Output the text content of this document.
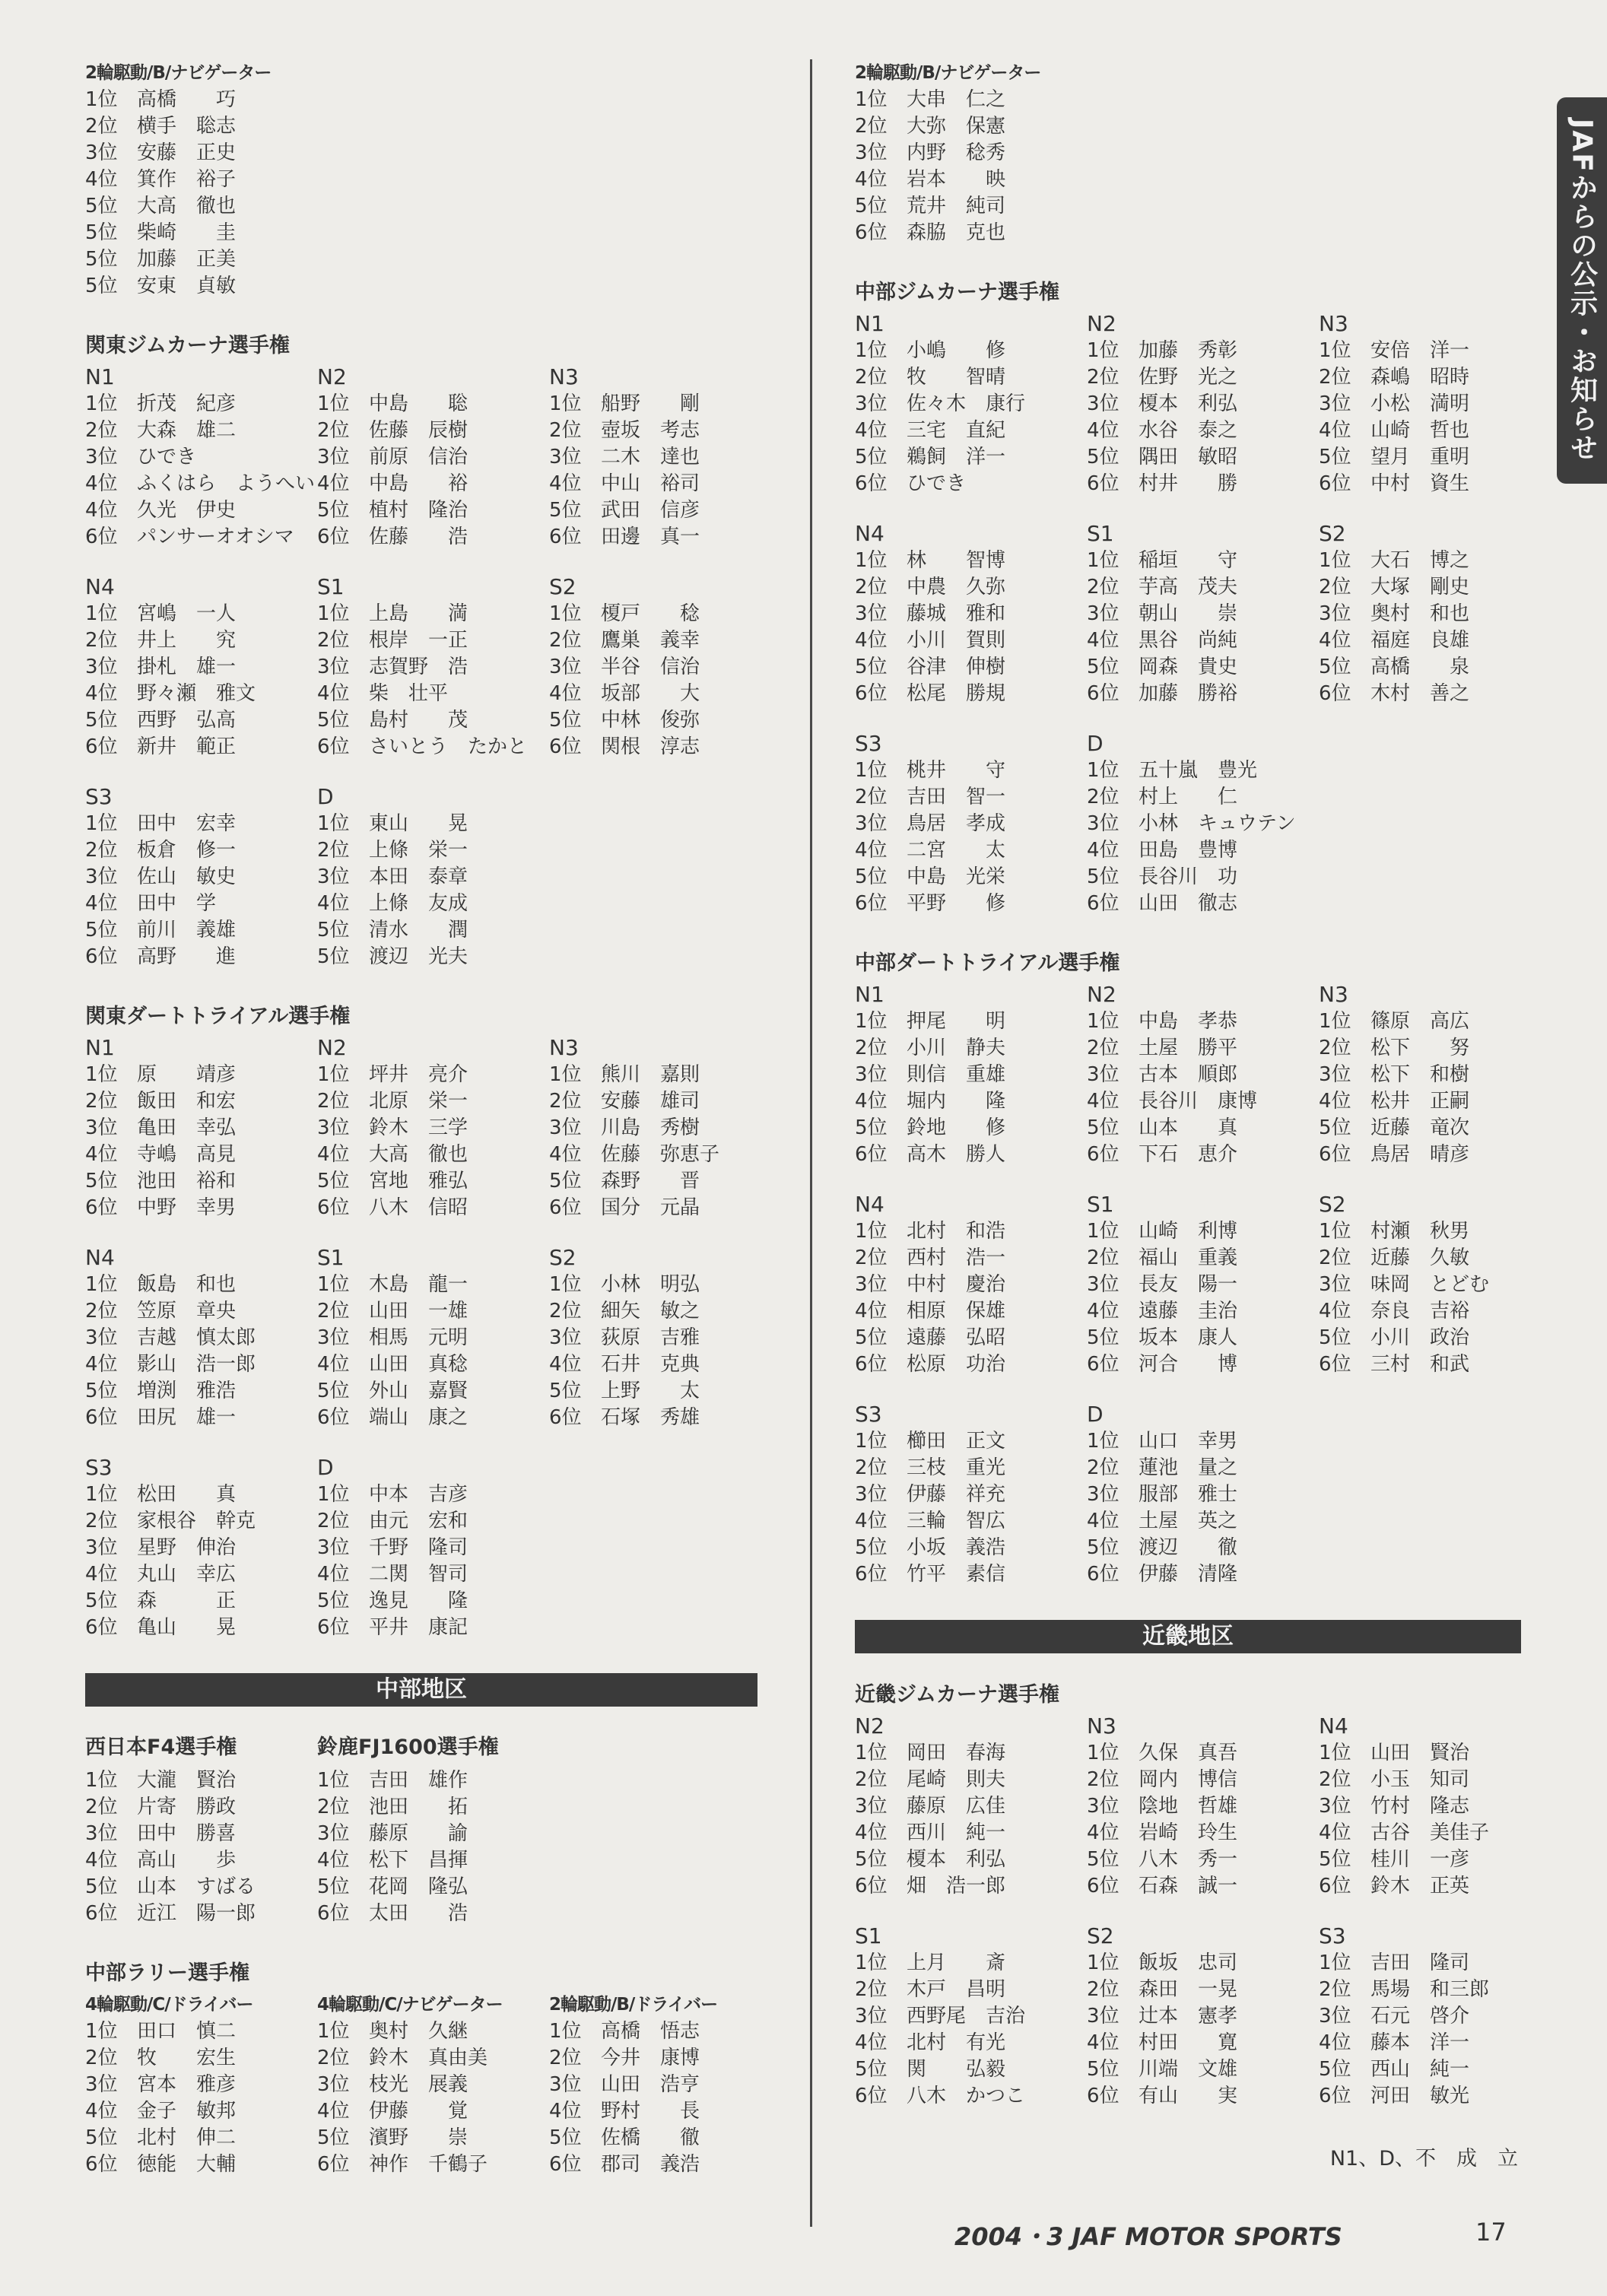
JAFからの公示・お知らせ
2輪駆動/B/ナビゲーター
1位 高橋　　巧
2位 横手　聡志
3位 安藤　正史
4位 箕作　裕子
5位 大高　徹也
5位 柴崎　　圭
5位 加藤　正美
5位 安東　貞敏
関東ジムカーナ選手権
N1
1位 折茂　紀彦
2位 大森　雄二
3位 ひでき
4位 ふくはら　ようへい
4位 久光　伊史
6位 パンサーオオシマ
N2
1位 中島　　聡
2位 佐藤　辰樹
3位 前原　信治
4位 中島　　裕
5位 植村　隆治
6位 佐藤　　浩
N3
1位 船野　　剛
2位 壺坂　考志
3位 二木　達也
4位 中山　裕司
5位 武田　信彦
6位 田邊　真一
N4
1位 宮嶋　一人
2位 井上　　究
3位 掛札　雄一
4位 野々瀬　雅文
5位 西野　弘高
6位 新井　範正
S1
1位 上島　　満
2位 根岸　一正
3位 志賀野　浩
4位 柴　壮平
5位 島村　　茂
6位 さいとう　たかと
S2
1位 榎戸　　稔
2位 鷹巣　義幸
3位 半谷　信治
4位 坂部　　大
5位 中林　俊弥
6位 関根　淳志
S3
1位 田中　宏幸
2位 板倉　修一
3位 佐山　敏史
4位 田中　学
5位 前川　義雄
6位 高野　　進
D
1位 東山　　晃
2位 上條　栄一
3位 本田　泰章
4位 上條　友成
5位 清水　　潤
5位 渡辺　光夫
関東ダートトライアル選手権
N1
1位 原　　靖彦
2位 飯田　和宏
3位 亀田　幸弘
4位 寺嶋　高見
5位 池田　裕和
6位 中野　幸男
N2
1位 坪井　亮介
2位 北原　栄一
3位 鈴木　三学
4位 大高　徹也
5位 宮地　雅弘
6位 八木　信昭
N3
1位 熊川　嘉則
2位 安藤　雄司
3位 川島　秀樹
4位 佐藤　弥恵子
5位 森野　　晋
6位 国分　元晶
N4
1位 飯島　和也
2位 笠原　章央
3位 吉越　慎太郎
4位 影山　浩一郎
5位 増渕　雅浩
6位 田尻　雄一
S1
1位 木島　龍一
2位 山田　一雄
3位 相馬　元明
4位 山田　真稔
5位 外山　嘉賢
6位 端山　康之
S2
1位 小林　明弘
2位 細矢　敏之
3位 荻原　吉雅
4位 石井　克典
5位 上野　　太
6位 石塚　秀雄
S3
1位 松田　　真
2位 家根谷　幹克
3位 星野　伸治
4位 丸山　幸広
5位 森　　　正
6位 亀山　　晃
D
1位 中本　吉彦
2位 由元　宏和
3位 千野　隆司
4位 二関　智司
5位 逸見　　隆
6位 平井　康記
中部地区
西日本F4選手権
1位 大瀧　賢治
2位 片寄　勝政
3位 田中　勝喜
4位 高山　　歩
5位 山本　すばる
6位 近江　陽一郎
鈴鹿FJ1600選手権
1位 吉田　雄作
2位 池田　　拓
3位 藤原　　諭
4位 松下　昌揮
5位 花岡　隆弘
6位 太田　　浩
中部ラリー選手権
4輪駆動/C/ドライバー
1位 田口　慎二
2位 牧　　宏生
3位 宮本　雅彦
4位 金子　敏邦
5位 北村　伸二
6位 徳能　大輔
4輪駆動/C/ナビゲーター
1位 奥村　久継
2位 鈴木　真由美
3位 枝光　展義
4位 伊藤　　覚
5位 濱野　　崇
6位 神作　千鶴子
2輪駆動/B/ドライバー
1位 高橋　悟志
2位 今井　康博
3位 山田　浩亨
4位 野村　　長
5位 佐橋　　徹
6位 郡司　義浩
2輪駆動/B/ナビゲーター
1位 大串　仁之
2位 大弥　保憲
3位 内野　稔秀
4位 岩本　　映
5位 荒井　純司
6位 森脇　克也
中部ジムカーナ選手権
N1
1位 小嶋　　修
2位 牧　　智晴
3位 佐々木　康行
4位 三宅　直紀
5位 鵜飼　洋一
6位 ひでき
N2
1位 加藤　秀彰
2位 佐野　光之
3位 榎本　利弘
4位 水谷　泰之
5位 隅田　敏昭
6位 村井　　勝
N3
1位 安倍　洋一
2位 森嶋　昭時
3位 小松　満明
4位 山崎　哲也
5位 望月　重明
6位 中村　資生
N4
1位 林　　智博
2位 中農　久弥
3位 藤城　雅和
4位 小川　賀則
5位 谷津　伸樹
6位 松尾　勝規
S1
1位 稲垣　　守
2位 芋高　茂夫
3位 朝山　　崇
4位 黒谷　尚純
5位 岡森　貴史
6位 加藤　勝裕
S2
1位 大石　博之
2位 大塚　剛史
3位 奥村　和也
4位 福庭　良雄
5位 高橋　　泉
6位 木村　善之
S3
1位 桃井　　守
2位 吉田　智一
3位 鳥居　孝成
4位 二宮　　太
5位 中島　光栄
6位 平野　　修
D
1位 五十嵐　豊光
2位 村上　　仁
3位 小林　キュウテン
4位 田島　豊博
5位 長谷川　功
6位 山田　徹志
中部ダートトライアル選手権
N1
1位 押尾　　明
2位 小川　静夫
3位 則信　重雄
4位 堀内　　隆
5位 鈴地　　修
6位 高木　勝人
N2
1位 中島　孝恭
2位 土屋　勝平
3位 古本　順郎
4位 長谷川　康博
5位 山本　　真
6位 下石　恵介
N3
1位 篠原　高広
2位 松下　　努
3位 松下　和樹
4位 松井　正嗣
5位 近藤　竜次
6位 鳥居　晴彦
N4
1位 北村　和浩
2位 西村　浩一
3位 中村　慶治
4位 相原　保雄
5位 遠藤　弘昭
6位 松原　功治
S1
1位 山崎　利博
2位 福山　重義
3位 長友　陽一
4位 遠藤　圭治
5位 坂本　康人
6位 河合　　博
S2
1位 村瀬　秋男
2位 近藤　久敏
3位 味岡　とどむ
4位 奈良　吉裕
5位 小川　政治
6位 三村　和武
S3
1位 櫛田　正文
2位 三枝　重光
3位 伊藤　祥充
4位 三輪　智広
5位 小坂　義浩
6位 竹平　素信
D
1位 山口　幸男
2位 蓮池　量之
3位 服部　雅士
4位 土屋　英之
5位 渡辺　　徹
6位 伊藤　清隆
近畿地区
近畿ジムカーナ選手権
N2
1位 岡田　春海
2位 尾崎　則夫
3位 藤原　広佳
4位 西川　純一
5位 榎本　利弘
6位 畑　浩一郎
N3
1位 久保　真吾
2位 岡内　博信
3位 陰地　哲雄
4位 岩崎　玲生
5位 八木　秀一
6位 石森　誠一
N4
1位 山田　賢治
2位 小玉　知司
3位 竹村　隆志
4位 古谷　美佳子
5位 桂川　一彦
6位 鈴木　正英
S1
1位 上月　　斎
2位 木戸　昌明
3位 西野尾　吉治
4位 北村　有光
5位 関　　弘毅
6位 八木　かつこ
S2
1位 飯坂　忠司
2位 森田　一晃
3位 辻本　憲孝
4位 村田　　寛
5位 川端　文雄
6位 有山　　実
S3
1位 吉田　隆司
2位 馬場　和三郎
3位 石元　啓介
4位 藤本　洋一
5位 西山　純一
6位 河田　敏光
N1、D、不　成　立
2004・3 JAF MOTOR SPORTS	17
